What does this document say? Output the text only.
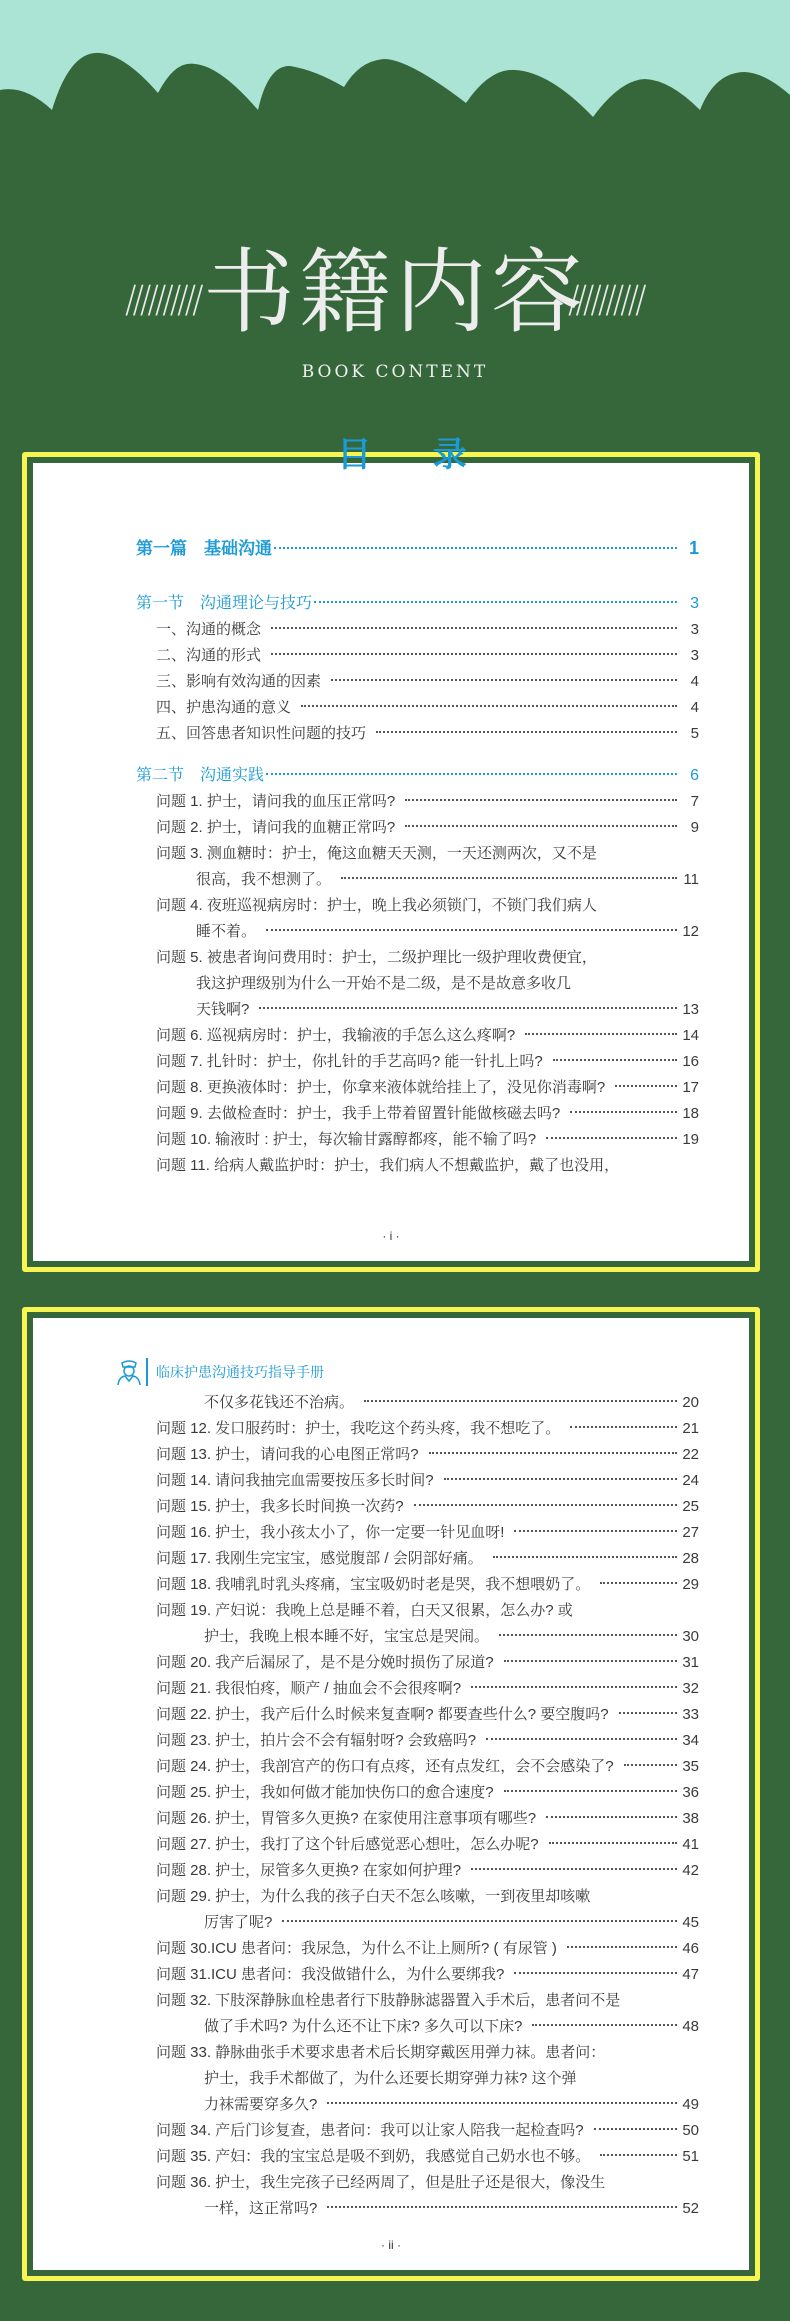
//////////	//////////
书籍内容
BOOK CONTENT
目 录
第一篇　基础沟通	1
第一节　沟通理论与技巧	3
一、沟通的概念	3
二、沟通的形式	3
三、影响有效沟通的因素	4
四、护患沟通的意义	4
五、回答患者知识性问题的技巧	5
第二节　沟通实践	6
问题 1. 护士，请问我的血压正常吗?	7
问题 2. 护士，请问我的血糖正常吗?	9
问题 3. 测血糖时：护士，俺这血糖天天测，一天还测两次，又不是
很高，我不想测了。	11
问题 4. 夜班巡视病房时：护士，晚上我必须锁门，不锁门我们病人
睡不着。	12
问题 5. 被患者询问费用时：护士，二级护理比一级护理收费便宜，
我这护理级别为什么一开始不是二级，是不是故意多收几
天钱啊?	13
问题 6. 巡视病房时：护士，我输液的手怎么这么疼啊?	14
问题 7. 扎针时：护士，你扎针的手艺高吗? 能一针扎上吗?	16
问题 8. 更换液体时：护士，你拿来液体就给挂上了，没见你消毒啊?	17
问题 9. 去做检查时：护士，我手上带着留置针能做核磁去吗?	18
问题 10. 输液时 : 护士，每次输甘露醇都疼，能不输了吗?	19
问题 11. 给病人戴监护时：护士，我们病人不想戴监护，戴了也没用，
· i ·
临床护患沟通技巧指导手册
不仅多花钱还不治病。	20
问题 12. 发口服药时：护士，我吃这个药头疼，我不想吃了。	21
问题 13. 护士，请问我的心电图正常吗?	22
问题 14. 请问我抽完血需要按压多长时间?	24
问题 15. 护士，我多长时间换一次药?	25
问题 16. 护士，我小孩太小了，你一定要一针见血呀!	27
问题 17. 我刚生完宝宝，感觉腹部 / 会阴部好痛。	28
问题 18. 我哺乳时乳头疼痛，宝宝吸奶时老是哭，我不想喂奶了。	29
问题 19. 产妇说：我晚上总是睡不着，白天又很累，怎么办? 或
护士，我晚上根本睡不好，宝宝总是哭闹。	30
问题 20. 我产后漏尿了，是不是分娩时损伤了尿道?	31
问题 21. 我很怕疼，顺产 / 抽血会不会很疼啊?	32
问题 22. 护士，我产后什么时候来复查啊? 都要查些什么? 要空腹吗?	33
问题 23. 护士，拍片会不会有辐射呀? 会致癌吗?	34
问题 24. 护士，我剖宫产的伤口有点疼，还有点发红，会不会感染了?	35
问题 25. 护士，我如何做才能加快伤口的愈合速度?	36
问题 26. 护士，胃管多久更换? 在家使用注意事项有哪些?	38
问题 27. 护士，我打了这个针后感觉恶心想吐，怎么办呢?	41
问题 28. 护士，尿管多久更换? 在家如何护理?	42
问题 29. 护士，为什么我的孩子白天不怎么咳嗽，一到夜里却咳嗽
厉害了呢?	45
问题 30.ICU 患者问：我尿急，为什么不让上厕所? ( 有尿管 )	46
问题 31.ICU 患者问：我没做错什么，为什么要绑我?	47
问题 32. 下肢深静脉血栓患者行下肢静脉滤器置入手术后，患者问不是
做了手术吗? 为什么还不让下床? 多久可以下床?	48
问题 33. 静脉曲张手术要求患者术后长期穿戴医用弹力袜。患者问：
护士，我手术都做了，为什么还要长期穿弹力袜? 这个弹
力袜需要穿多久?	49
问题 34. 产后门诊复查，患者问：我可以让家人陪我一起检查吗?	50
问题 35. 产妇：我的宝宝总是吸不到奶，我感觉自己奶水也不够。	51
问题 36. 护士，我生完孩子已经两周了，但是肚子还是很大，像没生
一样，这正常吗?	52
· ii ·
